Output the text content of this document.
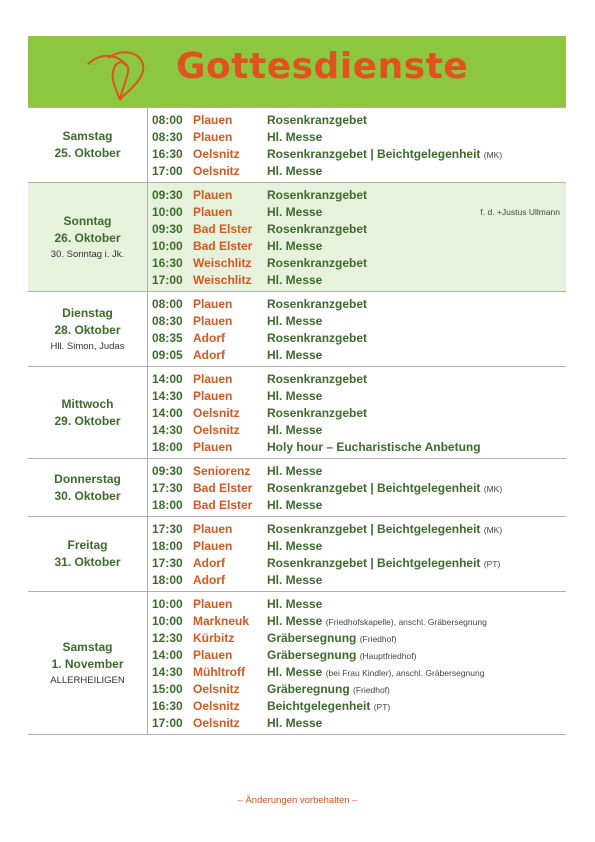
Gottesdienste
Samstag
25. Oktober
08:00 Plauen	Rosenkranzgebet
08:30 Plauen	Hl. Messe
16:30 Oelsnitz Rosenkranzgebet | Beichtgelegenheit (MK)
17:00 Oelsnitz Hl. Messe
Sonntag
26. Oktober
30. Sonntag i. Jk.
09:30 Plauen	Rosenkranzgebet
10:00 Plauen	Hl. Messe	f. d. +Justus Ullmann
09:30 Bad Elster Rosenkranzgebet
10:00 Bad Elster Hl. Messe
16:30 Weischlitz Rosenkranzgebet
17:00 Weischlitz Hl. Messe
Dienstag
28. Oktober
Hll. Simon, Judas
08:00 Plauen	Rosenkranzgebet
08:30 Plauen	Hl. Messe
08:35 Adorf	Rosenkranzgebet
09:05 Adorf	Hl. Messe
Mittwoch
29. Oktober
14:00 Plauen	Rosenkranzgebet
14:30 Plauen	Hl. Messe
14:00 Oelsnitz Rosenkranzgebet
14:30 Oelsnitz Hl. Messe
18:00 Plauen	Holy hour – Eucharistische Anbetung
Donnerstag
30. Oktober
09:30 Seniorenz Hl. Messe
17:30 Bad Elster Rosenkranzgebet | Beichtgelegenheit (MK)
18:00 Bad Elster Hl. Messe
Freitag
31. Oktober
17:30 Plauen	Rosenkranzgebet | Beichtgelegenheit (MK)
18:00 Plauen	Hl. Messe
17:30 Adorf	Rosenkranzgebet | Beichtgelegenheit (PT)
18:00 Adorf	Hl. Messe
Samstag
1. November
ALLERHEILIGEN
10:00 Plauen	Hl. Messe
10:00 Markneuk Hl. Messe (Friedhofskapelle), anschl. Gräbersegnung
12:30 Kürbitz	Gräbersegnung (Friedhof)
14:00 Plauen	Gräbersegnung (Hauptfriedhof)
14:30 Mühltroff Hl. Messe (bei Frau Kindler), anschl. Gräbersegnung
15:00 Oelsnitz Gräberegnung (Friedhof)
16:30 Oelsnitz Beichtgelegenheit (PT)
17:00 Oelsnitz Hl. Messe
– Änderungen vorbehalten –
